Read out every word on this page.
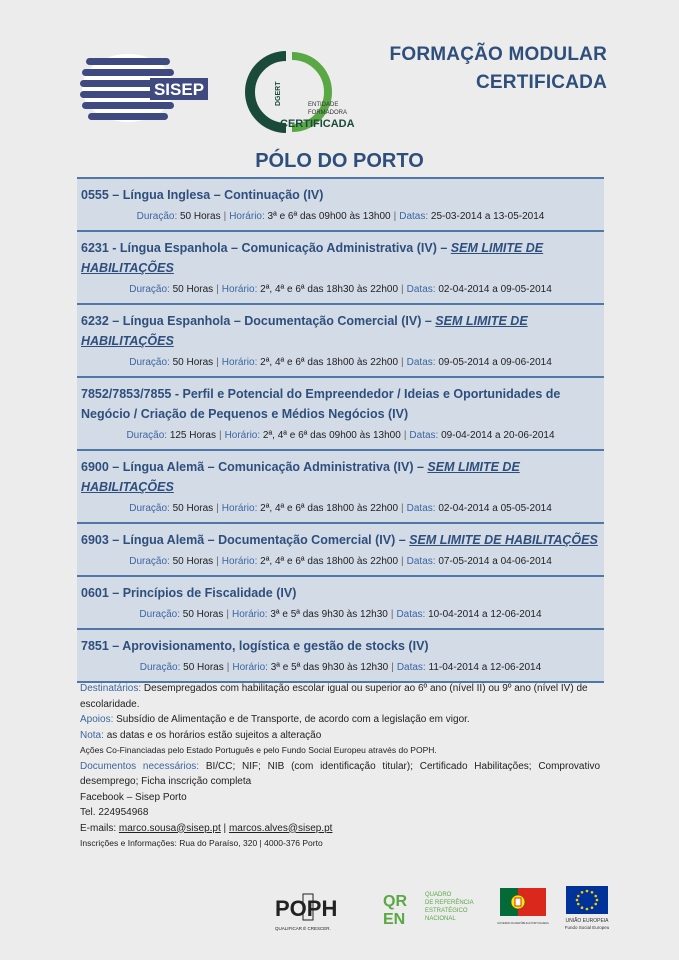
SISEP	DGERT	ENTIDADE
FORMADORA
CERTIFICADA
FORMAÇÃO MODULAR
CERTIFICADA
PÓLO DO PORTO
0555 – Língua Inglesa – Continuação (IV)
Duração: 50 Horas | Horário: 3ª e 6ª das 09h00 às 13h00 | Datas: 25-03-2014 a 13-05-2014
6231 - Língua Espanhola – Comunicação Administrativa (IV) – SEM LIMITE DE HABILITAÇÕES
Duração: 50 Horas | Horário: 2ª, 4ª e 6ª das 18h30 às 22h00 | Datas: 02-04-2014 a 09-05-2014
6232 – Língua Espanhola – Documentação Comercial (IV) – SEM LIMITE DE HABILITAÇÕES
Duração: 50 Horas | Horário: 2ª, 4ª e 6ª das 18h00 às 22h00 | Datas: 09-05-2014 a 09-06-2014
7852/7853/7855 - Perfil e Potencial do Empreendedor / Ideias e Oportunidades de Negócio / Criação de Pequenos e Médios Negócios (IV)
Duração: 125 Horas | Horário: 2ª, 4ª e 6ª das 09h00 às 13h00 | Datas: 09-04-2014 a 20-06-2014
6900 – Língua Alemã – Comunicação Administrativa (IV) – SEM LIMITE DE HABILITAÇÕES
Duração: 50 Horas | Horário: 2ª, 4ª e 6ª das 18h00 às 22h00 | Datas: 02-04-2014 a 05-05-2014
6903 – Língua Alemã – Documentação Comercial (IV) – SEM LIMITE DE HABILITAÇÕES
Duração: 50 Horas | Horário: 2ª, 4ª e 6ª das 18h00 às 22h00 | Datas: 07-05-2014 a 04-06-2014
0601 – Princípios de Fiscalidade (IV)
Duração: 50 Horas | Horário: 3ª e 5ª das 9h30 às 12h30 | Datas: 10-04-2014 a 12-06-2014
7851 – Aprovisionamento, logística e gestão de stocks (IV)
Duração: 50 Horas | Horário: 3ª e 5ª das 9h30 às 12h30 | Datas: 11-04-2014 a 12-06-2014
Destinatários: Desempregados com habilitação escolar igual ou superior ao 6º ano (nível II) ou 9º ano (nível IV) de escolaridade.
Apoios: Subsídio de Alimentação e de Transporte, de acordo com a legislação em vigor.
Nota: as datas e os horários estão sujeitos a alteração
Ações Co-Financiadas pelo Estado Português e pelo Fundo Social Europeu através do POPH.
Documentos necessários: BI/CC; NIF; NIB (com identificação titular); Certificado Habilitações; Comprovativo desemprego; Ficha inscrição completa
Facebook – Sisep Porto
Tel. 224954968
E-mails: marco.sousa@sisep.pt | marcos.alves@sisep.pt
Inscrições e Informações: Rua do Paraíso, 320 | 4000-376 Porto
POPH
QUALIFICAR É CRESCER.
QR
EN
QUADRO
DE REFERÊNCIA
ESTRATÉGICO
NACIONAL
GOVERNO DA REPÚBLICA PORTUGUESA	UNIÃO EUROPEIA
Fundo Social Europeu
